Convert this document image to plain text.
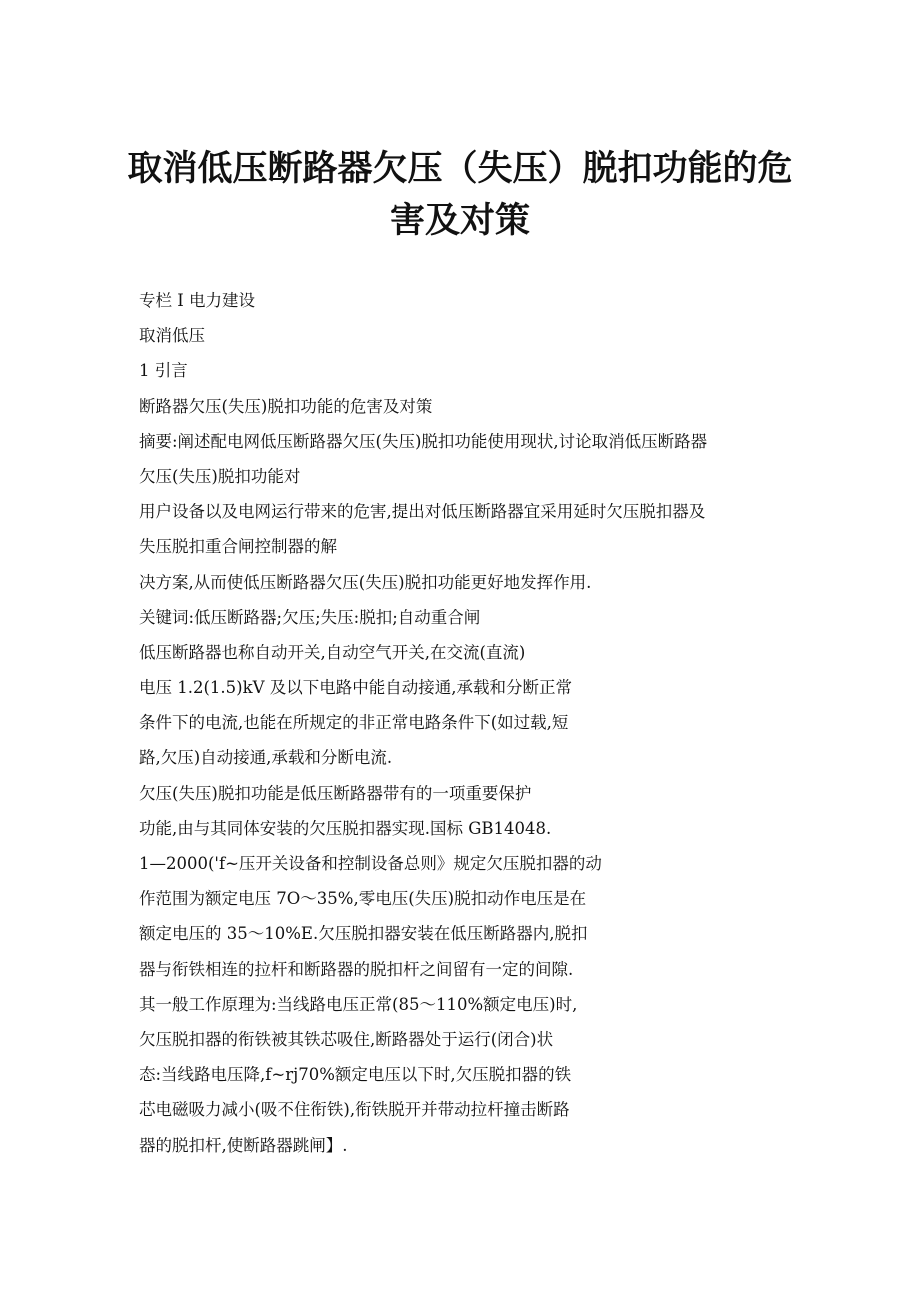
取消低压断路器欠压（失压）脱扣功能的危
害及对策

专栏 I 电力建设

取消低压

1 引言

断路器欠压(失压)脱扣功能的危害及对策

摘要:阐述配电网低压断路器欠压(失压)脱扣功能使用现状,讨论取消低压断路器

欠压(失压)脱扣功能对

用户设备以及电网运行带来的危害,提出对低压断路器宜采用延时欠压脱扣器及

失压脱扣重合闸控制器的解

决方案,从而使低压断路器欠压(失压)脱扣功能更好地发挥作用.

关键词:低压断路器;欠压;失压:脱扣;自动重合闸

低压断路器也称自动开关,自动空气开关,在交流(直流)

电压 1.2(1.5)kV 及以下电路中能自动接通,承载和分断正常

条件下的电流,也能在所规定的非正常电路条件下(如过载,短

路,欠压)自动接通,承载和分断电流.

欠压(失压)脱扣功能是低压断路器带有的一项重要保护

功能,由与其同体安装的欠压脱扣器实现.国标 GB14048.

1—2000('f~压开关设备和控制设备总则》规定欠压脱扣器的动

作范围为额定电压 7O～35%,零电压(失压)脱扣动作电压是在

额定电压的 35～10%E.欠压脱扣器安装在低压断路器内,脱扣

器与衔铁相连的拉杆和断路器的脱扣杆之间留有一定的间隙.

其一般工作原理为:当线路电压正常(85～110%额定电压)时,

欠压脱扣器的衔铁被其铁芯吸住,断路器处于运行(闭合)状

态:当线路电压降,f~rj70%额定电压以下时,欠压脱扣器的铁

芯电磁吸力减小(吸不住衔铁),衔铁脱开并带动拉杆撞击断路

器的脱扣杆,使断路器跳闸】.
